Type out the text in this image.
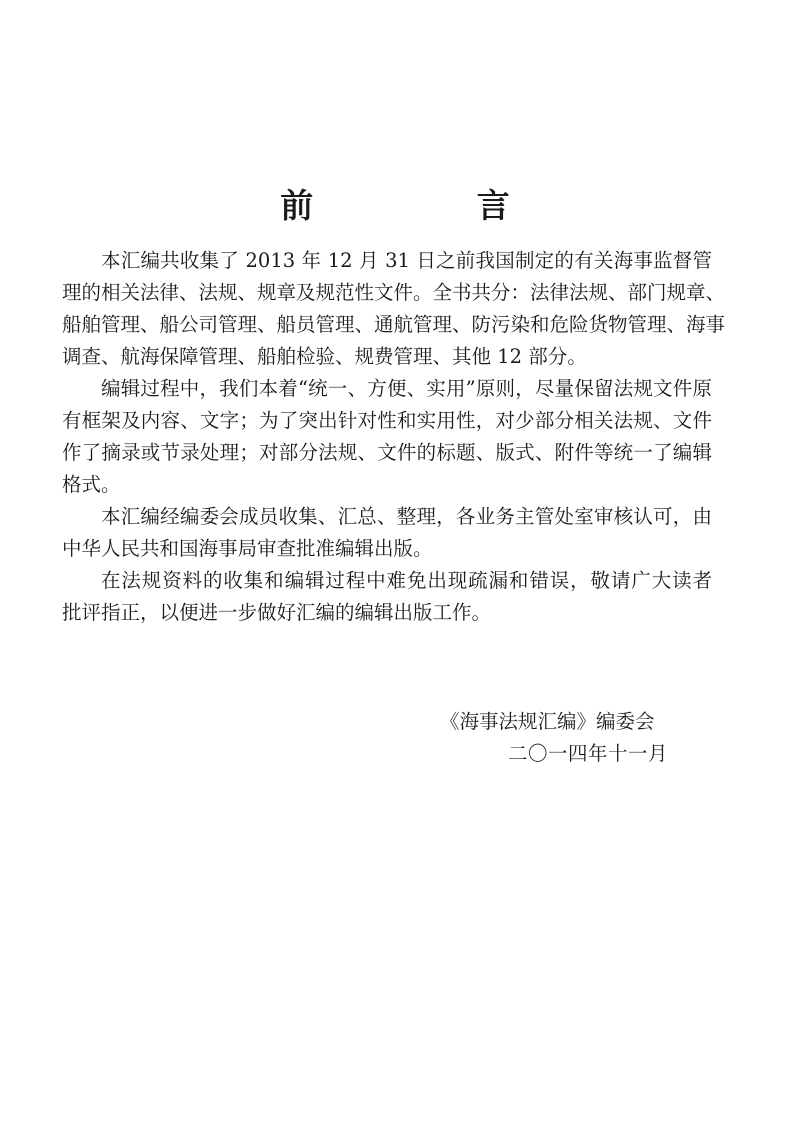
前 言
本汇编共收集了 2013 年 12 月 31 日之前我国制定的有关海事监督管
理的相关法律、法规、规章及规范性文件。全书共分：法律法规、部门规章、
船舶管理、船公司管理、船员管理、通航管理、防污染和危险货物管理、海事
调查、航海保障管理、船舶检验、规费管理、其他 12 部分。
编辑过程中，我们本着“统一、方便、实用”原则，尽量保留法规文件原
有框架及内容、文字；为了突出针对性和实用性，对少部分相关法规、文件
作了摘录或节录处理；对部分法规、文件的标题、版式、附件等统一了编辑
格式。
本汇编经编委会成员收集、汇总、整理，各业务主管处室审核认可，由
中华人民共和国海事局审查批准编辑出版。
在法规资料的收集和编辑过程中难免出现疏漏和错误，敬请广大读者
批评指正，以便进一步做好汇编的编辑出版工作。
《海事法规汇编》编委会
二〇一四年十一月
